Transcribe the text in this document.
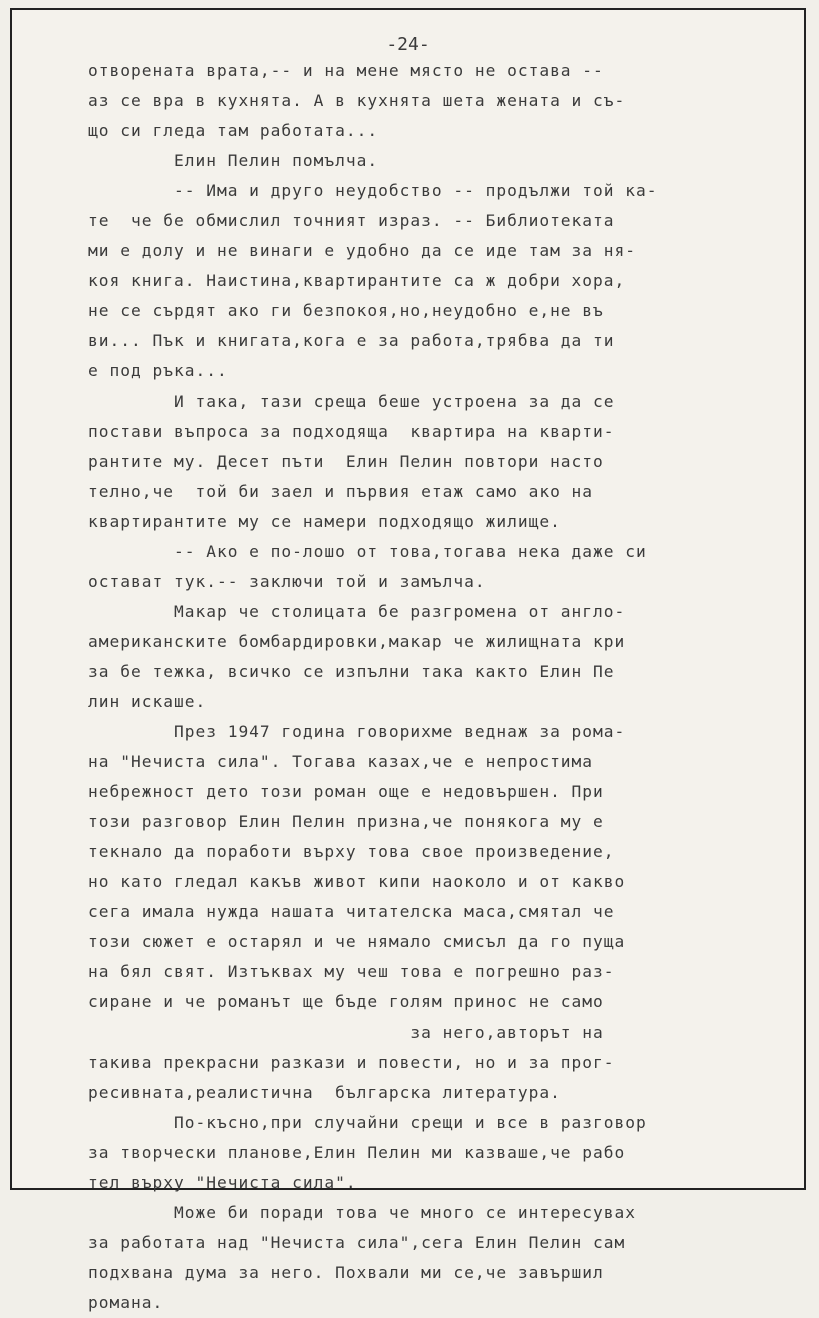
-24-
отворената врата,-- и на мене място не остава --
аз се вра в кухнята. А в кухнята шета жената и съ-
що си гледа там работата...
Елин Пелин помълча.
-- Има и друго неудобство -- продължи той ка-
те  че бе обмислил точният израз. -- Библиотеката
ми е долу и не винаги е удобно да се иде там за ня-
коя книга. Наистина,квартирантите са ж добри хора,
не се сърдят ако ги безпокоя,но,неудобно е,не въ
ви... Пък и книгата,кога е за работа,трябва да ти
е под ръка...
И така, тази среща беше устроена за да се
постави въпроса за подходяща  квартира на кварти-
рантите му. Десет пъти  Елин Пелин повтори насто
телно,че  той би заел и първия етаж само ако на
квартирантите му се намери подходящо жилище.
-- Ако е по-лошо от това,тогава нека даже си
остават тук.-- заключи той и замълча.
Макар че столицата бе разгромена от англо-
американските бомбардировки,макар че жилищната кри
за бе тежка, всичко се изпълни така както Елин Пе
лин искаше.
През 1947 година говорихме веднаж за рома-
на "Нечиста сила". Тогава казах,че е непростима
небрежност дето този роман още е недовършен. При
този разговор Елин Пелин призна,че понякога му е
текнало да поработи върху това свое произведение,
но като гледал какъв живот кипи наоколо и от какво
сега имала нужда нашата читателска маса,смятал че
този сюжет е остарял и че нямало смисъл да го пуща
на бял свят. Изтъквах му чеш това е погрешно раз-
сиране и че романът ще бъде голям принос не само
за него,авторът на
такива прекрасни разкази и повести, но и за прог-
ресивната,реалистична  българска литература.
По-късно,при случайни срещи и все в разговор
за творчески планове,Елин Пелин ми казваше,че рабо
тел върху "Нечиста сила".
Може би поради това че много се интересувах
за работата над "Нечиста сила",сега Елин Пелин сам
подхвана дума за него. Похвали ми се,че завършил
романа.
